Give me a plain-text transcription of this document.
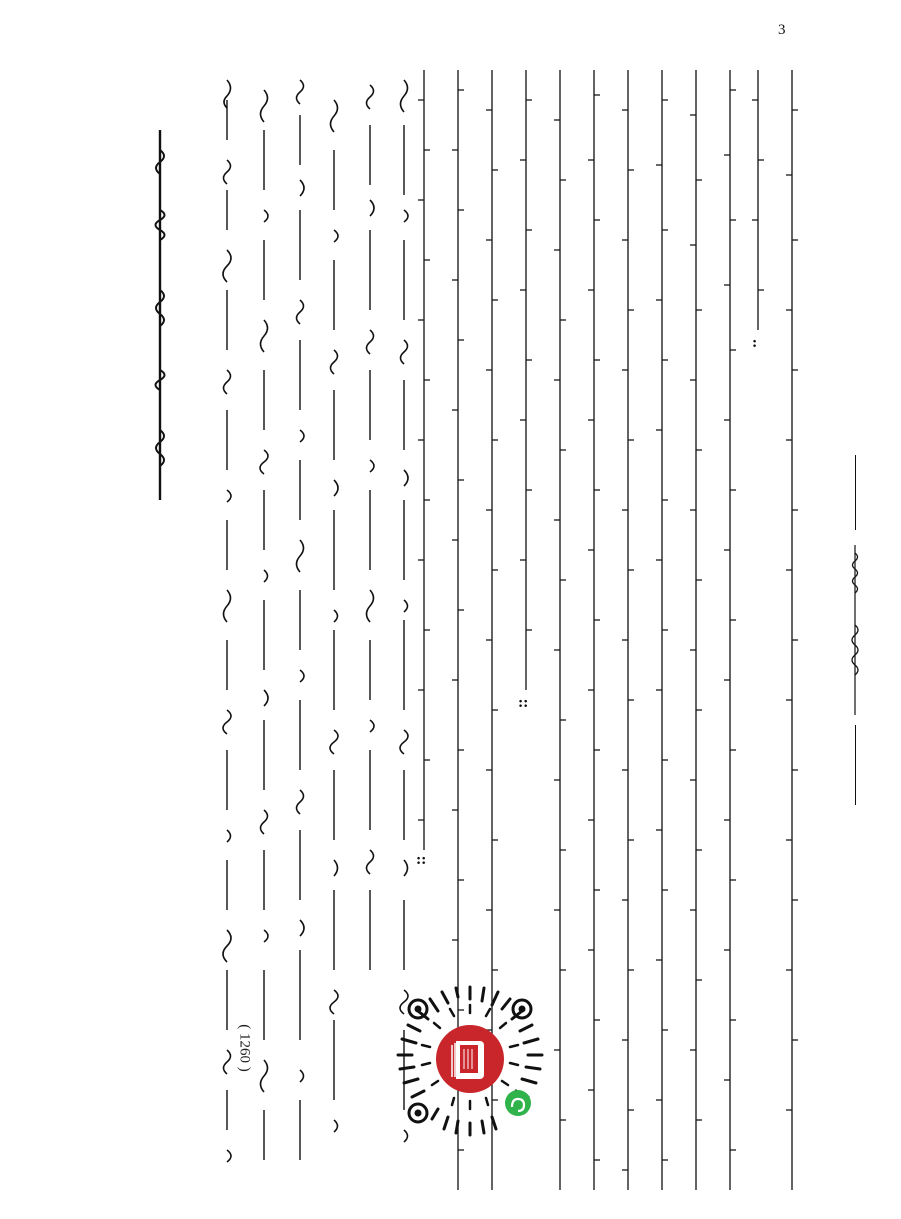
3
::
::
:
( 1260 )
